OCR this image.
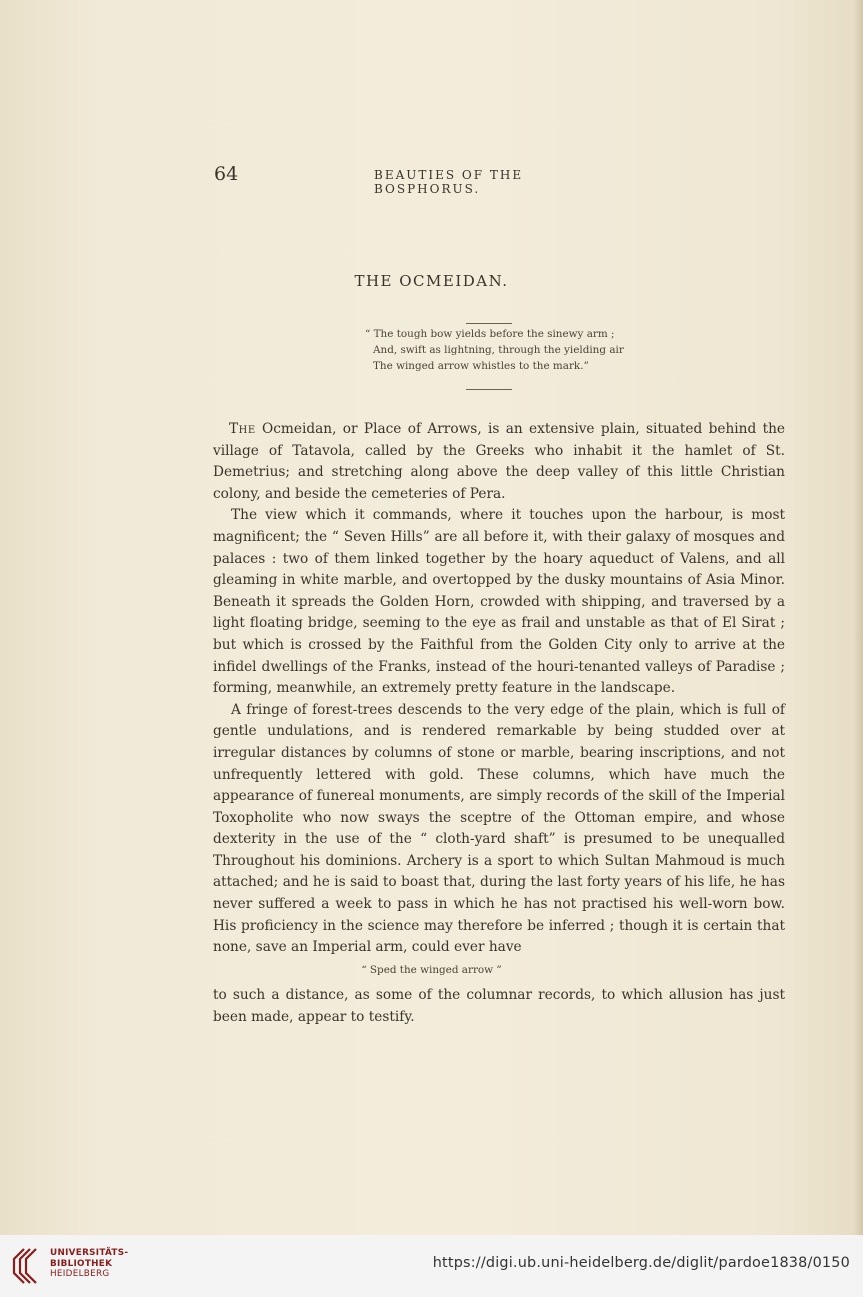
64	BEAUTIES OF THE BOSPHORUS.
THE OCMEIDAN.
“ The tough bow yields before the sinewy arm ;
And, swift as lightning, through the yielding air
The winged arrow whistles to the mark.”

The Ocmeidan, or Place of Arrows, is an extensive plain, situated behind the village of Tatavola, called by the Greeks who inhabit it the hamlet of St. Demetrius; and stretching along above the deep valley of this little Christian colony, and beside the cemeteries of Pera.

The view which it commands, where it touches upon the harbour, is most magnificent; the “ Seven Hills” are all before it, with their galaxy of mosques and palaces : two of them linked together by the hoary aqueduct of Valens, and all gleaming in white marble, and overtopped by the dusky mountains of Asia Minor. Beneath it spreads the Golden Horn, crowded with shipping, and traversed by a light floating bridge, seeming to the eye as frail and unstable as that of El Sirat ; but which is crossed by the Faithful from the Golden City only to arrive at the infidel dwellings of the Franks, instead of the houri-tenanted valleys of Paradise ; forming, meanwhile, an extremely pretty feature in the landscape.

A fringe of forest-trees descends to the very edge of the plain, which is full of gentle undulations, and is rendered remarkable by being studded over at irregular distances by columns of stone or marble, bearing inscriptions, and not unfrequently lettered with gold. These columns, which have much the appearance of funereal monuments, are simply records of the skill of the Imperial Toxopholite who now sways the sceptre of the Ottoman empire, and whose dexterity in the use of the “ cloth-yard shaft” is presumed to be unequalled Throughout his dominions. Archery is a sport to which Sultan Mahmoud is much attached; and he is said to boast that, during the last forty years of his life, he has never suffered a week to pass in which he has not practised his well-worn bow. His proficiency in the science may therefore be inferred ; though it is certain that none, save an Imperial arm, could ever have

“ Sped the winged arrow ”

to such a distance, as some of the columnar records, to which allusion has just been made, appear to testify.

UNIVERSITÄTS-
BIBLIOTHEK
HEIDELBERG
https://digi.ub.uni-heidelberg.de/diglit/pardoe1838/0150
